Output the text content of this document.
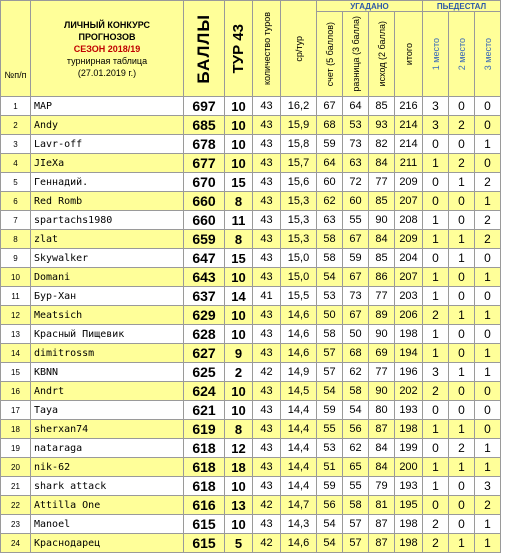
№п/п	ЛИЧНЫЙ КОНКУРС
ПРОГНОЗОВ
СЕЗОН 2018/19
турнирная таблица
(27.01.2019 г.)	БАЛЛЫ	ТУР 43	количество туров	ср/тур	УГАДАНО				ПЬЕДЕСТАЛ		

						счет (5 баллов)	разница (3 балла)	исход (2 балла)	итого	1 место	2 место	3 место

1	MAP	697	10	43	16,2	67	64	85	216	3	0	0
2	Andy	685	10	43	15,9	68	53	93	214	3	2	0
3	Lavr-off	678	10	43	15,8	59	73	82	214	0	0	1
4	JIeXa	677	10	43	15,7	64	63	84	211	1	2	0
5	Геннадий.	670	15	43	15,6	60	72	77	209	0	1	2
6	Red Romb	660	8	43	15,3	62	60	85	207	0	0	1
7	spartachs1980	660	11	43	15,3	63	55	90	208	1	0	2
8	zlat	659	8	43	15,3	58	67	84	209	1	1	2
9	Skywalker	647	15	43	15,0	58	59	85	204	0	1	0
10	Domani	643	10	43	15,0	54	67	86	207	1	0	1
11	Бур-Хан	637	14	41	15,5	53	73	77	203	1	0	0
12	Meatsich	629	10	43	14,6	50	67	89	206	2	1	1
13	Красный Пищевик	628	10	43	14,6	58	50	90	198	1	0	0
14	dimitrossm	627	9	43	14,6	57	68	69	194	1	0	1
15	KBNN	625	2	42	14,9	57	62	77	196	3	1	1
16	Andrt	624	10	43	14,5	54	58	90	202	2	0	0
17	Taya	621	10	43	14,4	59	54	80	193	0	0	0
18	sherxan74	619	8	43	14,4	55	56	87	198	1	1	0
19	nataraga	618	12	43	14,4	53	62	84	199	0	2	1
20	nik-62	618	18	43	14,4	51	65	84	200	1	1	1
21	shark attack	618	10	43	14,4	59	55	79	193	1	0	3
22	Attilla One	616	13	42	14,7	56	58	81	195	0	0	2
23	Manoel	615	10	43	14,3	54	57	87	198	2	0	1
24	Краснодарец	615	5	42	14,6	54	57	87	198	2	1	1
